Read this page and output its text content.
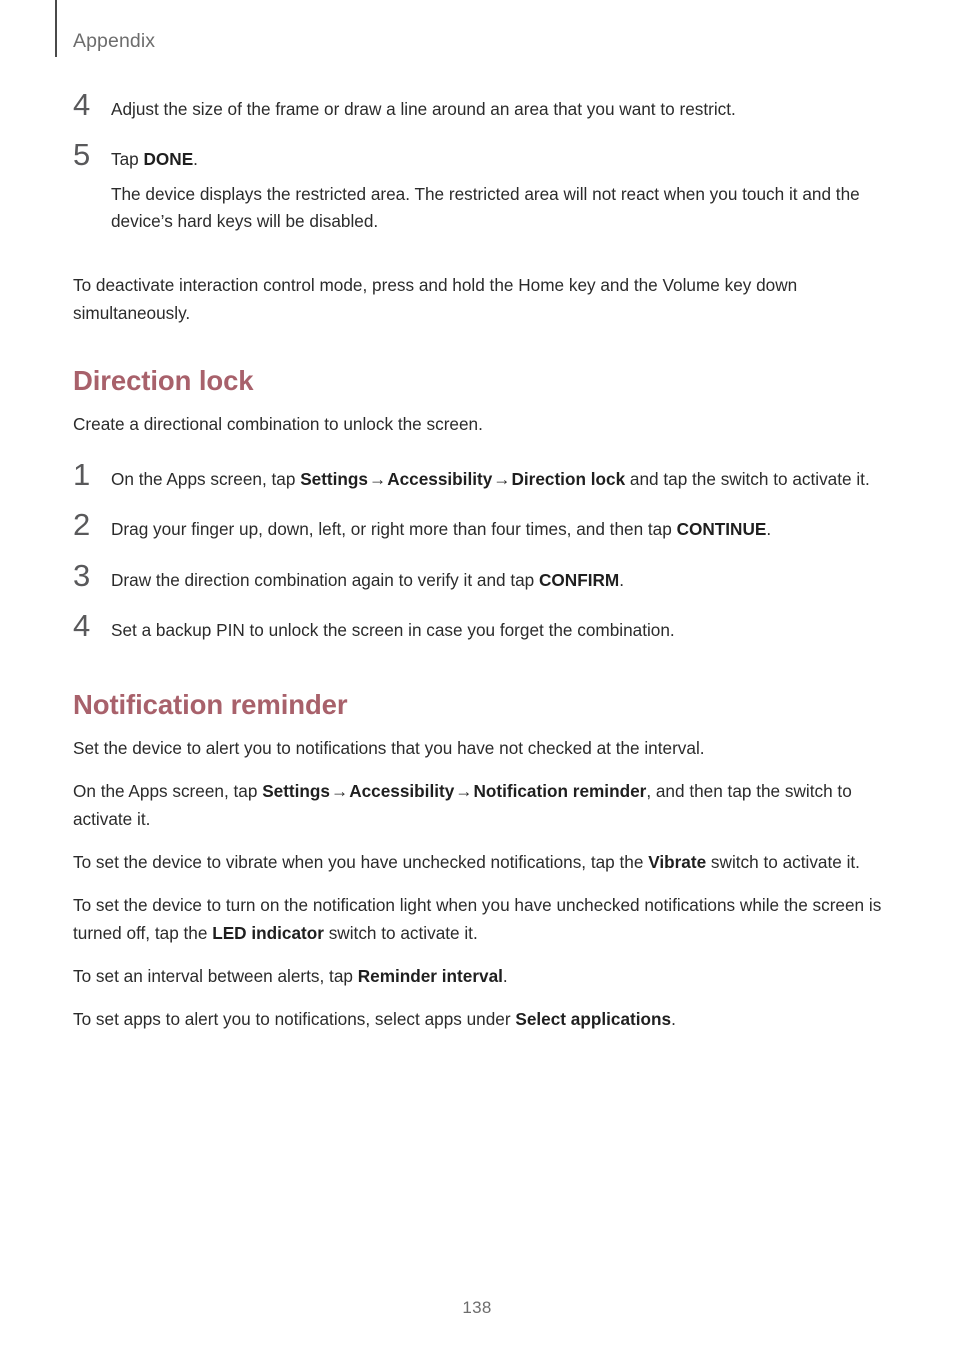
Appendix
4	Adjust the size of the frame or draw a line around an area that you want to restrict.
5	Tap DONE.
The device displays the restricted area. The restricted area will not react when you touch it and the device’s hard keys will be disabled.

To deactivate interaction control mode, press and hold the Home key and the Volume key down simultaneously.

Direction lock

Create a directional combination to unlock the screen.

1	On the Apps screen, tap Settings→Accessibility→Direction lock and tap the switch to activate it.
2	Drag your finger up, down, left, or right more than four times, and then tap CONTINUE.
3	Draw the direction combination again to verify it and tap CONFIRM.
4	Set a backup PIN to unlock the screen in case you forget the combination.
Notification reminder

Set the device to alert you to notifications that you have not checked at the interval.

On the Apps screen, tap Settings→Accessibility→Notification reminder, and then tap the switch to activate it.

To set the device to vibrate when you have unchecked notifications, tap the Vibrate switch to activate it.

To set the device to turn on the notification light when you have unchecked notifications while the screen is turned off, tap the LED indicator switch to activate it.

To set an interval between alerts, tap Reminder interval.

To set apps to alert you to notifications, select apps under Select applications.

138
